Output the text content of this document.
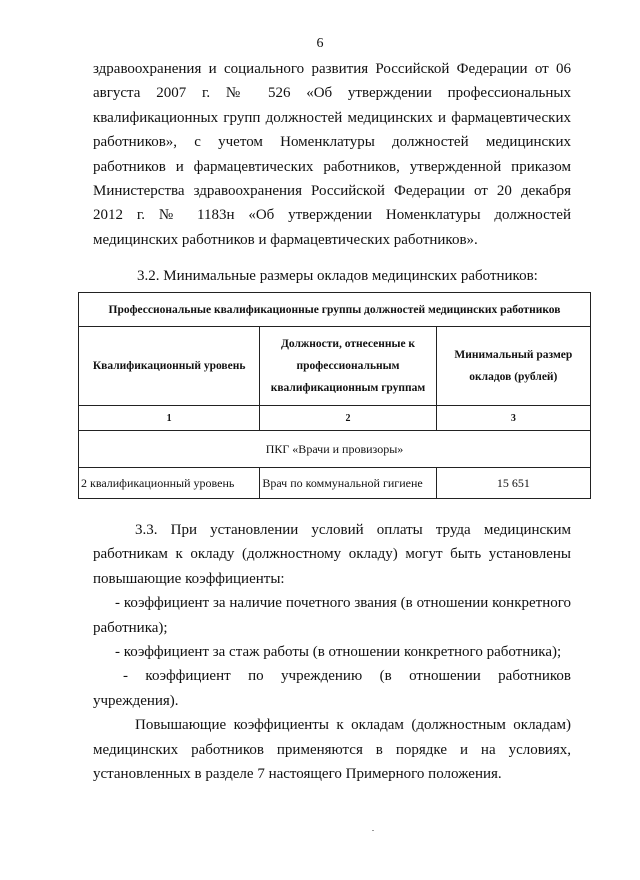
6

здравоохранения и социального развития Российской Федерации от 06 августа 2007 г. № 526 «Об утверждении профессиональных квалификационных групп должностей медицинских и фармацевтических работников», с учетом Номенклатуры должностей медицинских работников и фармацевтических работников, утвержденной приказом Министерства здравоохранения Российской Федерации от 20 декабря 2012 г. № 1183н «Об утверждении Номенклатуры должностей медицинских работников и фармацевтических работников».

3.2. Минимальные размеры окладов медицинских работников:
Профессиональные квалификационные группы должностей медицинских работников		
Квалификационный уровень	Должности, отнесенные к профессиональным квалификационным группам	Минимальный размер окладов (рублей)
1	2	3
ПКГ «Врачи и провизоры»		
2 квалификационный уровень	Врач по коммунальной гигиене	15 651

3.3. При установлении условий оплаты труда медицинским работникам к окладу (должностному окладу) могут быть установлены повышающие коэффициенты:

- коэффициент за наличие почетного звания (в отношении конкретного работника);

- коэффициент за стаж работы (в отношении конкретного работника);

- коэффициент по учреждению (в отношении работников учреждения).

Повышающие коэффициенты к окладам (должностным окладам) медицинских работников применяются в порядке и на условиях, установленных в разделе 7 настоящего Примерного положения.
